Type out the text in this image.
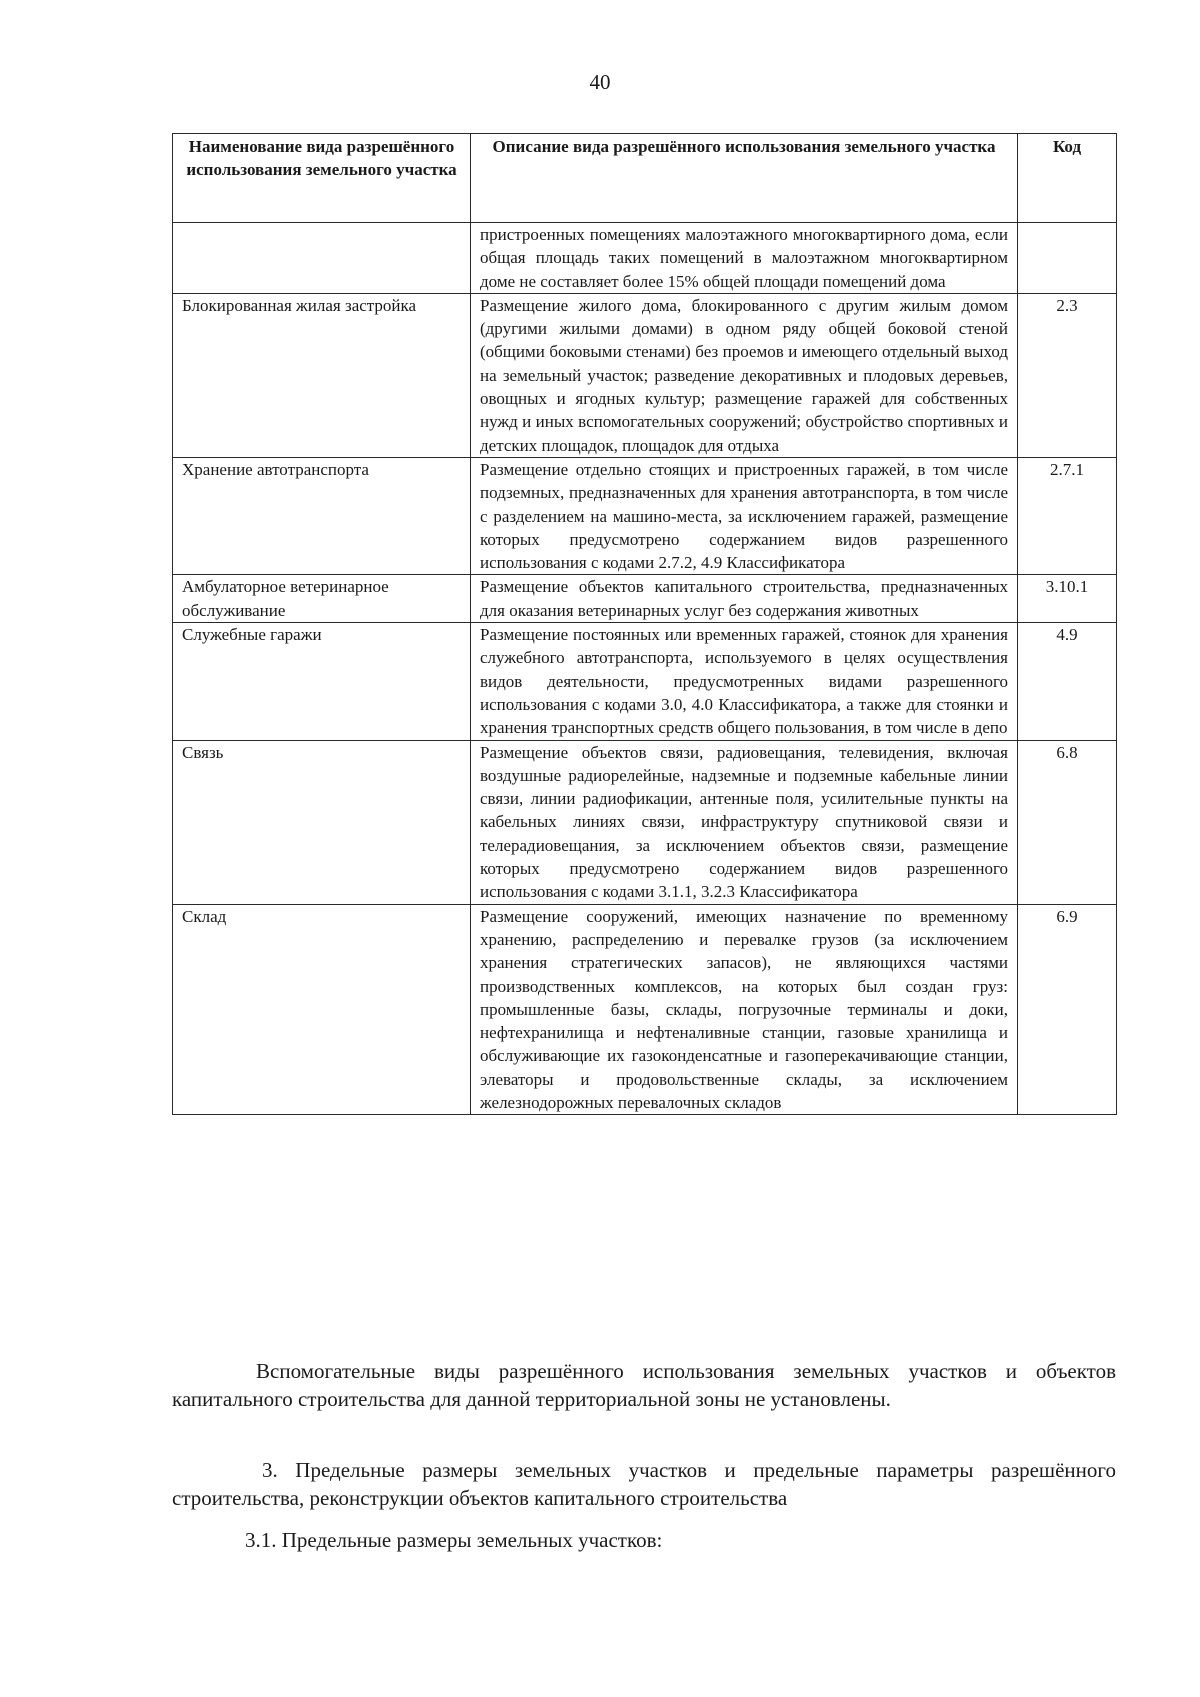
40
Наименование вида разрешённого использования земельного участка	Описание вида разрешённого использования земельного участка	Код
	пристроенных помещениях малоэтажного многоквартирного дома, если общая площадь таких помещений в малоэтажном многоквартирном доме не составляет более 15% общей площади помещений дома	
Блокированная жилая застройка	Размещение жилого дома, блокированного с другим жилым домом (другими жилыми домами) в одном ряду общей боковой стеной (общими боковыми стенами) без проемов и имеющего отдельный выход на земельный участок; разведение декоративных и плодовых деревьев, овощных и ягодных культур; размещение гаражей для собственных нужд и иных вспомогательных сооружений; обустройство спортивных и детских площадок, площадок для отдыха	2.3
Хранение автотранспорта	Размещение отдельно стоящих и пристроенных гаражей, в том числе подземных, предназначенных для хранения автотранспорта, в том числе с разделением на машино-места, за исключением гаражей, размещение которых предусмотрено содержанием видов разрешенного использования с кодами 2.7.2, 4.9 Классификатора	2.7.1
Амбулаторное ветеринарное обслуживание	Размещение объектов капитального строительства, предназначенных для оказания ветеринарных услуг без содержания животных	3.10.1
Служебные гаражи	Размещение постоянных или временных гаражей, стоянок для хранения служебного автотранспорта, используемого в целях осуществления видов деятельности, предусмотренных видами разрешенного использования с кодами 3.0, 4.0 Классификатора, а также для стоянки и хранения транспортных средств общего пользования, в том числе в депо	4.9
Связь	Размещение объектов связи, радиовещания, телевидения, включая воздушные радиорелейные, надземные и подземные кабельные линии связи, линии радиофикации, антенные поля, усилительные пункты на кабельных линиях связи, инфраструктуру спутниковой связи и телерадиовещания, за исключением объектов связи, размещение которых предусмотрено содержанием видов разрешенного использования с кодами 3.1.1, 3.2.3 Классификатора	6.8
Склад	Размещение сооружений, имеющих назначение по временному хранению, распределению и перевалке грузов (за исключением хранения стратегических запасов), не являющихся частями производственных комплексов, на которых был создан груз: промышленные базы, склады, погрузочные терминалы и доки, нефтехранилища и нефтеналивные станции, газовые хранилища и обслуживающие их газоконденсатные и газоперекачивающие станции, элеваторы и продовольственные склады, за исключением железнодорожных перевалочных складов	6.9

Вспомогательные виды разрешённого использования земельных участков и объектов капитального строительства для данной территориальной зоны не установлены.

3. Предельные размеры земельных участков и предельные параметры разрешённого строительства, реконструкции объектов капитального строительства

3.1. Предельные размеры земельных участков:
